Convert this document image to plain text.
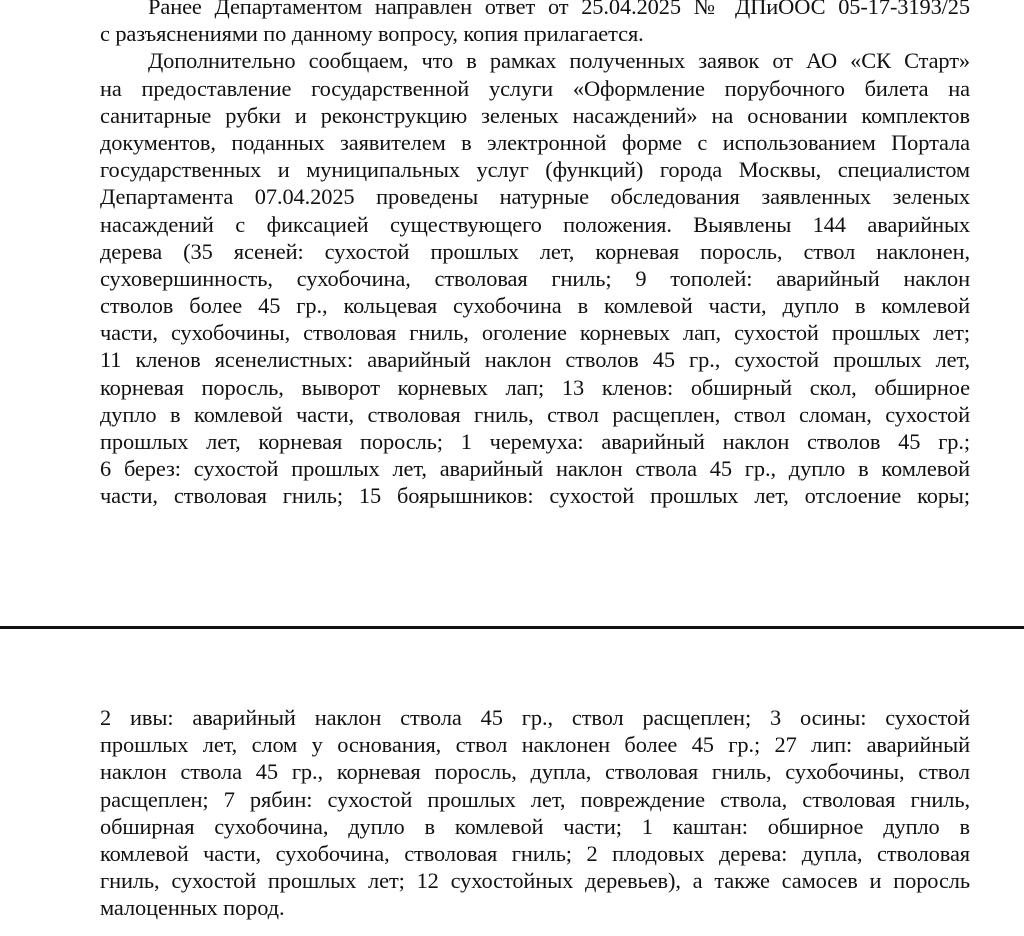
Ранее Департаментом направлен ответ от 25.04.2025 № ДПиООС 05-17-3193/25
с разъяснениями по данному вопросу, копия прилагается.
Дополнительно сообщаем, что в рамках полученных заявок от АО «СК Старт»
на предоставление государственной услуги «Оформление порубочного билета на
санитарные рубки и реконструкцию зеленых насаждений» на основании комплектов
документов, поданных заявителем в электронной форме с использованием Портала
государственных и муниципальных услуг (функций) города Москвы, специалистом
Департамента 07.04.2025 проведены натурные обследования заявленных зеленых
насаждений с фиксацией существующего положения. Выявлены 144 аварийных
дерева (35 ясеней: сухостой прошлых лет, корневая поросль, ствол наклонен,
суховершинность, сухобочина, стволовая гниль; 9 тополей: аварийный наклон
стволов более 45 гр., кольцевая сухобочина в комлевой части, дупло в комлевой
части, сухобочины, стволовая гниль, оголение корневых лап, сухостой прошлых лет;
11 кленов ясенелистных: аварийный наклон стволов 45 гр., сухостой прошлых лет,
корневая поросль, выворот корневых лап; 13 кленов: обширный скол, обширное
дупло в комлевой части, стволовая гниль, ствол расщеплен, ствол сломан, сухостой
прошлых лет, корневая поросль; 1 черемуха: аварийный наклон стволов 45 гр.;
6 берез: сухостой прошлых лет, аварийный наклон ствола 45 гр., дупло в комлевой
части, стволовая гниль; 15 боярышников: сухостой прошлых лет, отслоение коры;
2 ивы: аварийный наклон ствола 45 гр., ствол расщеплен; 3 осины: сухостой
прошлых лет, слом у основания, ствол наклонен более 45 гр.; 27 лип: аварийный
наклон ствола 45 гр., корневая поросль, дупла, стволовая гниль, сухобочины, ствол
расщеплен; 7 рябин: сухостой прошлых лет, повреждение ствола, стволовая гниль,
обширная сухобочина, дупло в комлевой части; 1 каштан: обширное дупло в
комлевой части, сухобочина, стволовая гниль; 2 плодовых дерева: дупла, стволовая
гниль, сухостой прошлых лет; 12 сухостойных деревьев), а также самосев и поросль
малоценных пород.
